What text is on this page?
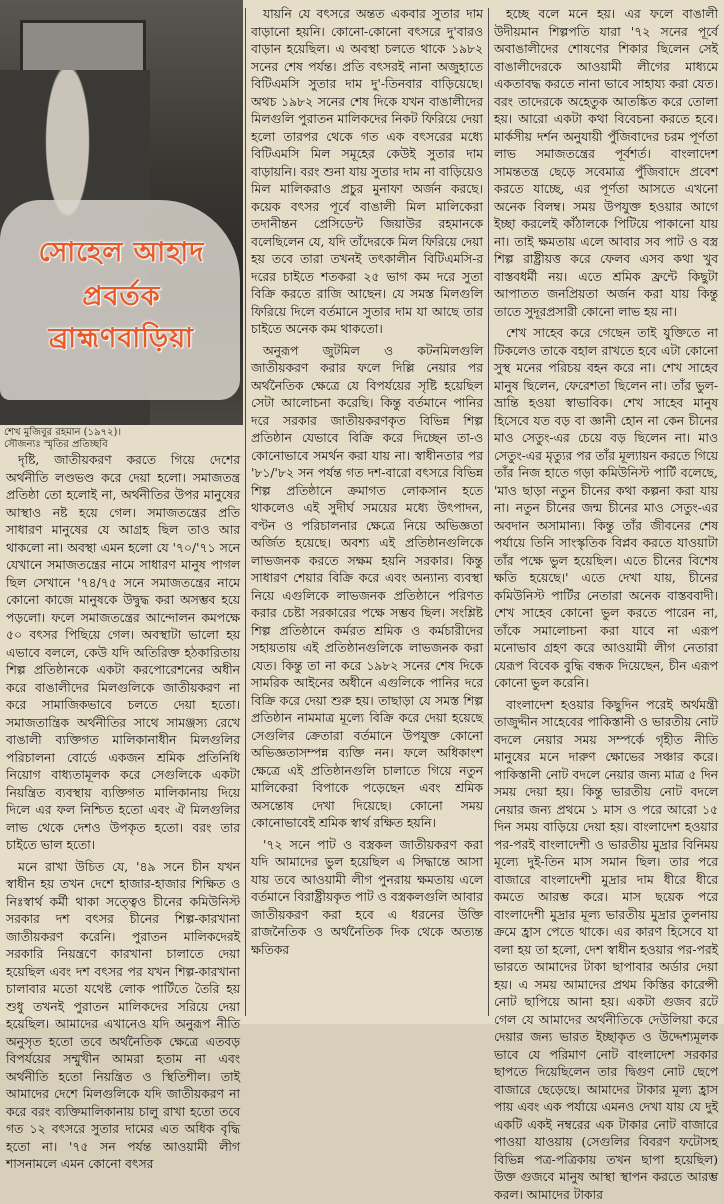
সোহেল আহাদ
প্রবর্তক
ব্রাহ্মণবাড়িয়া
শেখ মুজিবুর রহমান (১৯৭২)।
সৌজন্যঃ স্মৃতির প্রতিচ্ছবি

দৃষ্টি, জাতীয়করণ করতে গিয়ে দেশের অর্থনীতি লণ্ডভণ্ড করে দেয়া হলো। সমাজতন্ত্র প্রতিষ্ঠা তো হলোই না, অর্থনীতির উপর মানুষের আস্থাও নষ্ট হয়ে গেল। সমাজতন্ত্রের প্রতি সাধারণ মানুষের যে আগ্রহ ছিল তাও আর থাকলো না। অবস্থা এমন হলো যে '৭০/'৭১ সনে যেখানে সমাজতন্ত্রের নামে সাধারণ মানুষ পাগল ছিল সেখানে '৭৪/৭৫ সনে সমাজতন্ত্রের নামে কোনো কাজে মানুষকে উদ্বুদ্ধ করা অসম্ভব হয়ে পড়লো। ফলে সমাজতন্ত্রের আন্দোলন কমপক্ষে ৫০ বৎসর পিছিয়ে গেল। অবস্থাটা ভালো হয় এভাবে বললে, কেউ যদি অতিরিক্ত হঠকারিতায় শিল্প প্রতিষ্ঠানকে একটা করপোরেশনের অধীন করে বাঙালীদের মিলগুলিকে জাতীয়করণ না করে সামাজিকভাবে চলতে দেয়া হতো। সমাজতান্ত্রিক অর্থনীতির সাথে সামঞ্জস্য রেখে বাঙালী ব্যক্তিগত মালিকানাধীন মিলগুলির পরিচালনা বোর্ডে একজন শ্রমিক প্রতিনিধি নিয়োগ বাধ্যতামূলক করে সেগুলিকে একটা নিয়ন্ত্রিত ব্যবস্থায় ব্যক্তিগত মালিকানায় দিয়ে দিলে এর ফল নিশ্চিত হতো এবং ঐ মিলগুলির লাভ থেকে দেশও উপকৃত হতো। বরং তার চাইতে ভাল হতো।

মনে রাখা উচিত যে, '৪৯ সনে চীন যখন স্বাধীন হয় তখন দেশে হাজার-হাজার শিক্ষিত ও নিঃস্বার্থ কর্মী থাকা সত্ত্বেও চীনের কমিউনিস্ট সরকার দশ বৎসর চীনের শিল্প-কারখানা জাতীয়করণ করেনি। পুরাতন মালিকদেরই সরকারি নিয়ন্ত্রণে কারখানা চালাতে দেয়া হয়েছিল এবং দশ বৎসর পর যখন শিল্প-কারখানা চালাবার মতো যথেষ্ট লোক পার্টিতে তৈরি হয় শুধু তখনই পুরাতন মালিকদের সরিয়ে দেয়া হয়েছিল। আমাদের এখানেও যদি অনুরূপ নীতি অনুসৃত হতো তবে অর্থনৈতিক ক্ষেত্রে এতবড় বিপর্যয়ের সম্মুখীন আমরা হতাম না এবং অর্থনীতি হতো নিয়ন্ত্রিত ও স্থিতিশীল। তাই আমাদের দেশে মিলগুলিকে যদি জাতীয়করণ না করে বরং ব্যক্তিমালিকানায় চালু রাখা হতো তবে গত ১২ বৎসরে সুতার দামের এত অধিক বৃদ্ধি হতো না। '৭৫ সন পর্যন্ত আওয়ামী লীগ শাসনামলে এমন কোনো বৎসর

যায়নি যে বৎসরে অন্তত একবার সুতার দাম বাড়ানো হয়নি। কোনো-কোনো বৎসরে দু'বারও বাড়ান হয়েছিল। এ অবস্থা চলতে থাকে ১৯৮২ সনের শেষ পর্যন্ত। প্রতি বৎসরই নানা অজুহাতে বিটিএমসি সুতার দাম দু'-তিনবার বাড়িয়েছে। অথচ ১৯৮২ সনের শেষ দিকে যখন বাঙালীদের মিলগুলি পুরাতন মালিকদের নিকট ফিরিয়ে দেয়া হলো তারপর থেকে গত এক বৎসরের মধ্যে বিটিএমসি মিল সমূহের কেউই সুতার দাম বাড়ায়নি। বরং শুনা যায় সুতার দাম না বাড়িয়েও মিল মালিকরাও প্রচুর মুনাফা অর্জন করছে। কয়েক বৎসর পূর্বে বাঙালী মিল মালিকেরা তদানীন্তন প্রেসিডেন্ট জিয়াউর রহমানকে বলেছিলেন যে, যদি তাঁদেরকে মিল ফিরিয়ে দেয়া হয় তবে তারা তখনই তৎকালীন বিটিএমসি-র দরের চাইতে শতকরা ২৫ ভাগ কম দরে সুতা বিক্রি করতে রাজি আছেন। যে সমস্ত মিলগুলি ফিরিয়ে দিলে বর্তমানে সুতার দাম যা আছে তার চাইতে অনেক কম থাকতো।

অনুরূপ জুটমিল ও কটনমিলগুলি জাতীয়করণ করার ফলে দিল্লি নেয়ার পর অর্থনৈতিক ক্ষেত্রে যে বিপর্যয়ের সৃষ্টি হয়েছিল সেটা আলোচনা করেছি। কিন্তু বর্তমানে পানির দরে সরকার জাতীয়করণকৃত বিভিন্ন শিল্প প্রতিষ্ঠান যেভাবে বিক্রি করে দিচ্ছেন তা-ও কোনোভাবে সমর্থন করা যায় না। স্বাধীনতার পর '৮১/'৮২ সন পর্যন্ত গত দশ-বারো বৎসরে বিভিন্ন শিল্প প্রতিষ্ঠানে ক্রমাগত লোকসান হতে থাকলেও এই সুদীর্ঘ সময়ের মধ্যে উৎপাদন, বণ্টন ও পরিচালনার ক্ষেত্রে নিয়ে অভিজ্ঞতা অর্জিত হয়েছে। অবশ্য এই প্রতিষ্ঠানগুলিকে লাভজনক করতে সক্ষম হয়নি সরকার। কিন্তু সাধারণ শেয়ার বিক্রি করে এবং অন্যান্য ব্যবস্থা নিয়ে এগুলিকে লাভজনক প্রতিষ্ঠানে পরিণত করার চেষ্টা সরকারের পক্ষে সম্ভব ছিল। সংশ্লিষ্ট শিল্প প্রতিষ্ঠানে কর্মরত শ্রমিক ও কর্মচারীদের সহায়তায় এই প্রতিষ্ঠানগুলিকে লাভজনক করা যেত। কিন্তু তা না করে ১৯৮২ সনের শেষ দিকে সামরিক আইনের অধীনে এগুলিকে পানির দরে বিক্রি করে দেয়া শুরু হয়। তাছাড়া যে সমস্ত শিল্প প্রতিষ্ঠান নামমাত্র মূল্যে বিক্রি করে দেয়া হয়েছে সেগুলির ক্রেতারা বর্তমানে উপযুক্ত কোনো অভিজ্ঞতাসম্পন্ন ব্যক্তি নন। ফলে অধিকাংশ ক্ষেত্রে এই প্রতিষ্ঠানগুলি চালাতে গিয়ে নতুন মালিকেরা বিপাকে পড়েছেন এবং শ্রমিক অসন্তোষ দেখা দিয়েছে। কোনো সময় কোনোভাবেই শ্রমিক স্বার্থ রক্ষিত হয়নি।

'৭২ সনে পাট ও বস্ত্রকল জাতীয়করণ করা যদি আমাদের ভুল হয়েছিল এ সিদ্ধান্তে আসা যায় তবে আওয়ামী লীগ পুনরায় ক্ষমতায় এলে বর্তমানে বিরাষ্ট্রীয়কৃত পাট ও বস্ত্রকলগুলি আবার জাতীয়করণ করা হবে এ ধরনের উক্তি রাজনৈতিক ও অর্থনৈতিক দিক থেকে অত্যন্ত ক্ষতিকর

হচ্ছে বলে মনে হয়। এর ফলে বাঙালী উদীয়মান শিল্পপতি যারা '৭২ সনের পূর্বে অবাঙালীদের শোষণের শিকার ছিলেন সেই বাঙালীদেরকে আওয়ামী লীগের মাধ্যমে একতাবদ্ধ করতে নানা ভাবে সাহায্য করা যেত। বরং তাদেরকে অহেতুক আতঙ্কিত করে তোলা হয়। আরো একটা কথা বিবেচনা করতে হবে। মার্কসীয় দর্শন অনুযায়ী পুঁজিবাদের চরম পূর্ণতা লাভ সমাজতন্ত্রের পূর্বশর্ত। বাংলাদেশ সামন্ততন্ত্র ছেড়ে সবেমাত্র পুঁজিবাদে প্রবেশ করতে যাচ্ছে, এর পূর্ণতা আসতে এখনো অনেক বিলম্ব। সময় উপযুক্ত হওয়ার আগে ইচ্ছা করলেই কাঁঠালকে পিটিয়ে পাকানো যায় না। তাই ক্ষমতায় এলে আবার সব পাট ও বস্ত্র শিল্প রাষ্ট্রীয়ত্ত করে ফেলব এসব কথা খুব বাস্তবধর্মী নয়। এতে শ্রমিক ফ্রন্টে কিছুটা আপাতত জনপ্রিয়তা অর্জন করা যায় কিন্তু তাতে সুদূরপ্রসারী কোনো লাভ হয় না।

শেখ সাহেব করে গেছেন তাই যুক্তিতে না টিকলেও তাকে বহাল রাখতে হবে এটা কোনো সুস্থ মনের পরিচয় বহন করে না। শেখ সাহেব মানুষ ছিলেন, ফেরেশতা ছিলেন না। তাঁর ভুল-ভ্রান্তি হওয়া স্বাভাবিক। শেখ সাহেব মানুষ হিসেবে যত বড় বা জ্ঞানী হোন না কেন চীনের মাও সেতুং-এর চেয়ে বড় ছিলেন না। মাও সেতুং-এর মৃত্যুর পর তাঁর মূল্যায়ন করতে গিয়ে তাঁর নিজ হাতে গড়া কমিউনিস্ট পার্টি বলেছে, 'মাও ছাড়া নতুন চীনের কথা কল্পনা করা যায় না। নতুন চীনের জন্ম চীনের মাও সেতুং-এর অবদান অসামান্য। কিন্তু তাঁর জীবনের শেষ পর্যায়ে তিনি সাংস্কৃতিক বিপ্লব করতে যাওয়াটা তাঁর পক্ষে ভুল হয়েছিল। এতে চীনের বিশেষ ক্ষতি হয়েছে।' এতে দেখা যায়, চীনের কমিউনিস্ট পার্টির নেতারা অনেক বাস্তববাদী। শেখ সাহেব কোনো ভুল করতে পারেন না, তাঁকে সমালোচনা করা যাবে না এরূপ মনোভাব গ্রহণ করে আওয়ামী লীগ নেতারা যেরূপ বিবেক বুদ্ধি বন্ধক দিয়েছেন, চীন এরূপ কোনো ভুল করেনি।

বাংলাদেশ হওয়ার কিছুদিন পরেই অর্থমন্ত্রী তাজুদ্দীন সাহেবের পাকিস্তানী ও ভারতীয় নোট বদলে নেয়ার সময় সম্পর্কে গৃহীত নীতি মানুষের মনে দারুণ ক্ষোভের সঞ্চার করে। পাকিস্তানী নোট বদলে নেয়ার জন্য মাত্র ৫ দিন সময় দেয়া হয়। কিন্তু ভারতীয় নোট বদলে নেয়ার জন্য প্রথমে ১ মাস ও পরে আরো ১৫ দিন সময় বাড়িয়ে দেয়া হয়। বাংলাদেশ হওয়ার পর-পরই বাংলাদেশী ও ভারতীয় মুদ্রার বিনিময় মূল্যে দুই-তিন মাস সমান ছিল। তার পরে বাজারে বাংলাদেশী মুদ্রার দাম ধীরে ধীরে কমতে আরম্ভ করে। মাস ছয়েক পরে বাংলাদেশী মুদ্রার মূল্য ভারতীয় মুদ্রার তুলনায় ক্রমে হ্রাস পেতে থাকে। এর কারণ হিসেবে যা বলা হয় তা হলো, দেশ স্বাধীন হওয়ার পর-পরই ভারতে আমাদের টাকা ছাপাবার অর্ডার দেয়া হয়। এ সময় আমাদের প্রথম কিস্তির কারেন্সী নোট ছাপিয়ে আনা হয়। একটা গুজব রটে গেল যে আমাদের অর্থনীতিকে দেউলিয়া করে দেয়ার জন্য ভারত ইচ্ছাকৃত ও উদ্দেশ্যমূলক ভাবে যে পরিমাণ নোট বাংলাদেশ সরকার ছাপতে দিয়েছিলেন তার দ্বিগুণ নোট ছেপে বাজারে ছেড়েছে। আমাদের টাকার মূল্য হ্রাস পায় এবং এক পর্যায়ে এমনও দেখা যায় যে দুই একটি একই নম্বরের এক টাকার নোট বাজারে পাওয়া যাওয়ায় (সেগুলির বিবরণ ফটোসহ বিভিন্ন পত্র-পত্রিকায় তখন ছাপা হয়েছিল) উক্ত গুজবে মানুষ আস্থা স্থাপন করতে আরম্ভ করল। আমাদের টাকার
